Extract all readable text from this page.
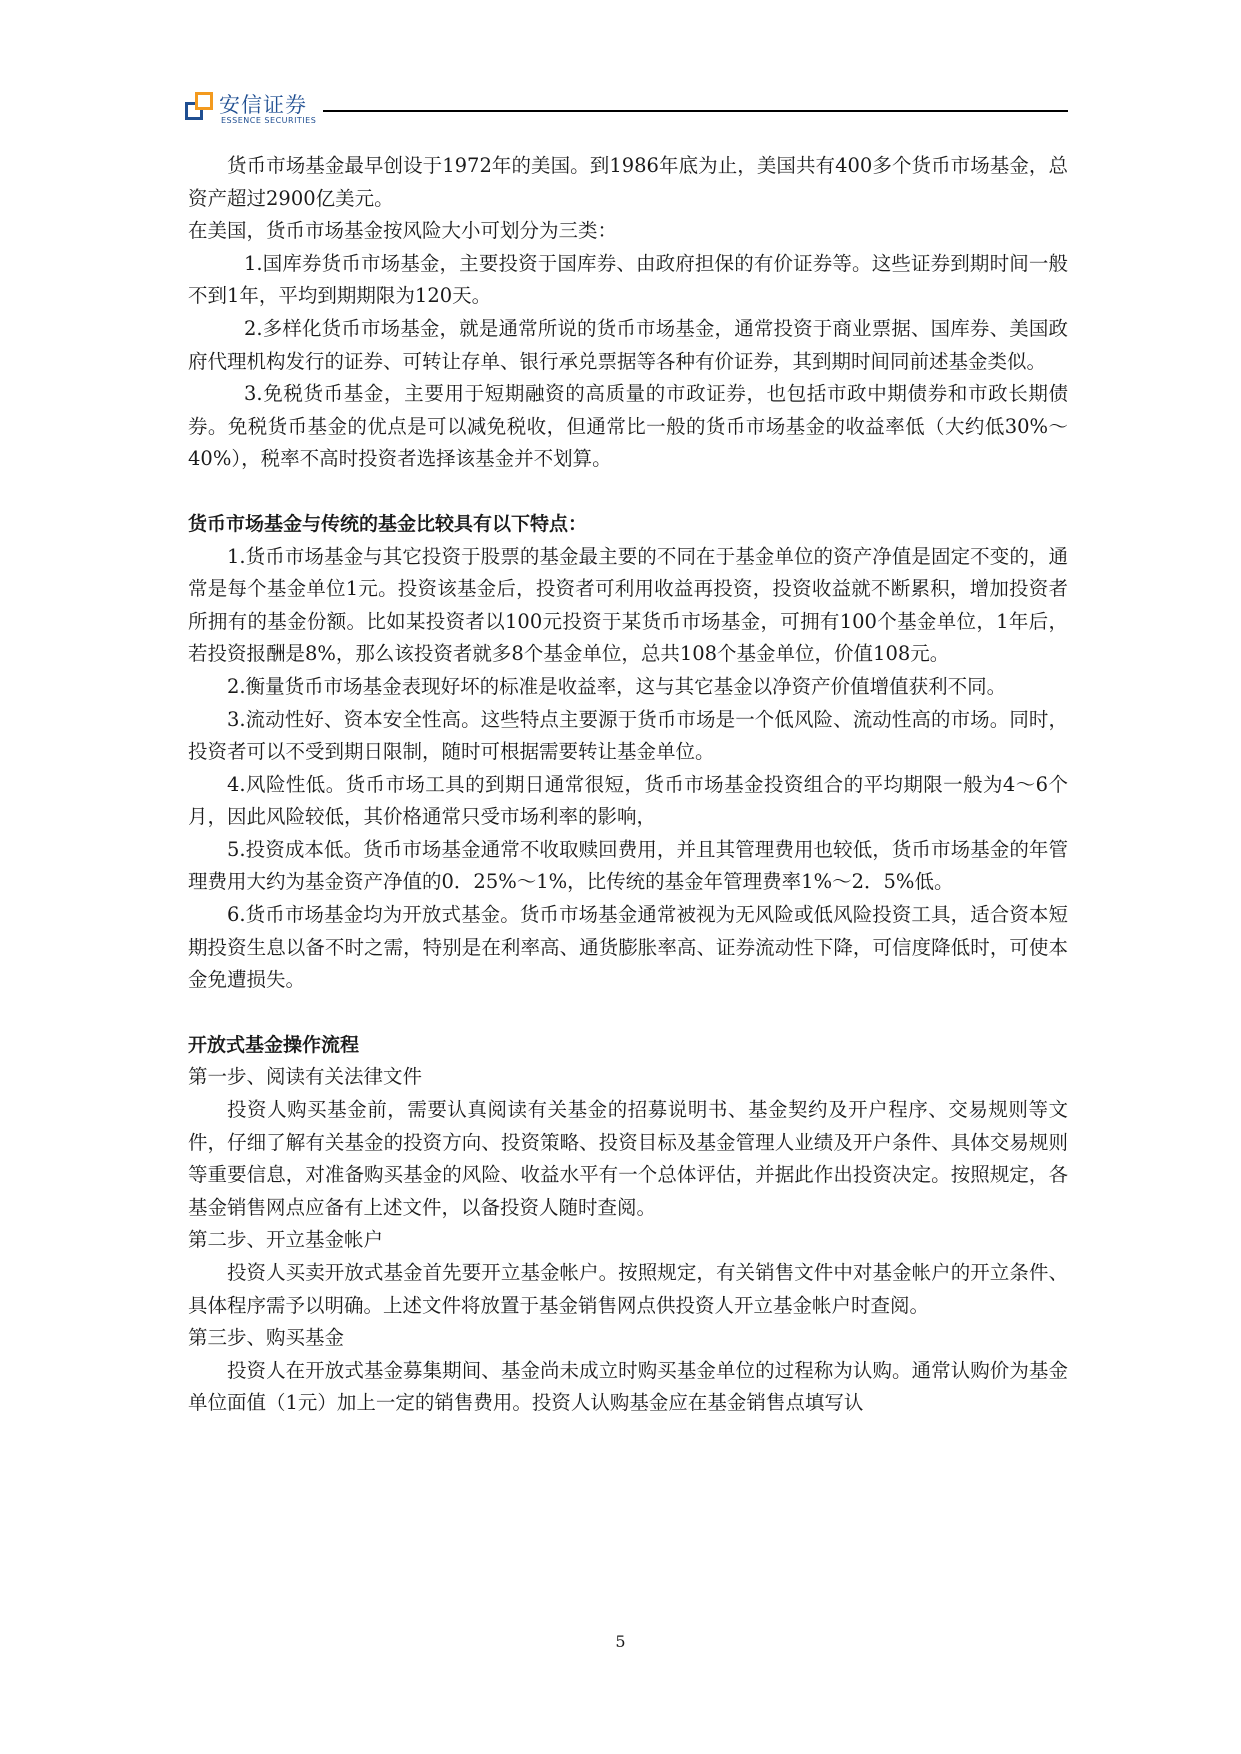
安信证券
ESSENCE SECURITIES

货币市场基金最早创设于1972年的美国。到1986年底为止，美国共有400多个货币市场基金，总资产超过2900亿美元。

在美国，货币市场基金按风险大小可划分为三类：

1.国库券货币市场基金，主要投资于国库券、由政府担保的有价证券等。这些证券到期时间一般不到1年，平均到期期限为120天。

2.多样化货币市场基金，就是通常所说的货币市场基金，通常投资于商业票据、国库券、美国政府代理机构发行的证券、可转让存单、银行承兑票据等各种有价证券，其到期时间同前述基金类似。

3.免税货币基金，主要用于短期融资的高质量的市政证券，也包括市政中期债券和市政长期债券。免税货币基金的优点是可以减免税收，但通常比一般的货币市场基金的收益率低（大约低30%～40%），税率不高时投资者选择该基金并不划算。

货币市场基金与传统的基金比较具有以下特点：

1.货币市场基金与其它投资于股票的基金最主要的不同在于基金单位的资产净值是固定不变的，通常是每个基金单位1元。投资该基金后，投资者可利用收益再投资，投资收益就不断累积，增加投资者所拥有的基金份额。比如某投资者以100元投资于某货币市场基金，可拥有100个基金单位，1年后，若投资报酬是8%，那么该投资者就多8个基金单位，总共108个基金单位，价值108元。

2.衡量货币市场基金表现好坏的标准是收益率，这与其它基金以净资产价值增值获利不同。

3.流动性好、资本安全性高。这些特点主要源于货币市场是一个低风险、流动性高的市场。同时，投资者可以不受到期日限制，随时可根据需要转让基金单位。

4.风险性低。货币市场工具的到期日通常很短，货币市场基金投资组合的平均期限一般为4～6个月，因此风险较低，其价格通常只受市场利率的影响，

5.投资成本低。货币市场基金通常不收取赎回费用，并且其管理费用也较低，货币市场基金的年管理费用大约为基金资产净值的0．25%～1%，比传统的基金年管理费率1%～2．5%低。

6.货币市场基金均为开放式基金。货币市场基金通常被视为无风险或低风险投资工具，适合资本短期投资生息以备不时之需，特别是在利率高、通货膨胀率高、证券流动性下降，可信度降低时，可使本金免遭损失。

开放式基金操作流程

第一步、阅读有关法律文件

投资人购买基金前，需要认真阅读有关基金的招募说明书、基金契约及开户程序、交易规则等文件，仔细了解有关基金的投资方向、投资策略、投资目标及基金管理人业绩及开户条件、具体交易规则等重要信息，对准备购买基金的风险、收益水平有一个总体评估，并据此作出投资决定。按照规定，各基金销售网点应备有上述文件，以备投资人随时查阅。

第二步、开立基金帐户

投资人买卖开放式基金首先要开立基金帐户。按照规定，有关销售文件中对基金帐户的开立条件、具体程序需予以明确。上述文件将放置于基金销售网点供投资人开立基金帐户时查阅。

第三步、购买基金

投资人在开放式基金募集期间、基金尚未成立时购买基金单位的过程称为认购。通常认购价为基金单位面值（1元）加上一定的销售费用。投资人认购基金应在基金销售点填写认

5
